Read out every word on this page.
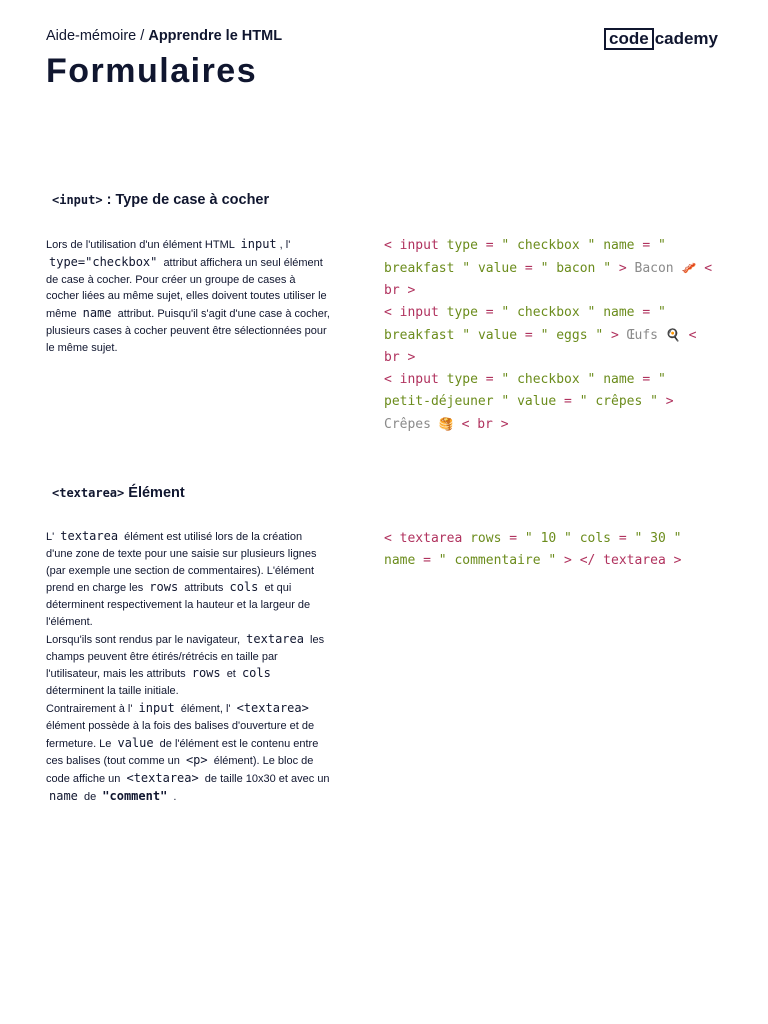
Aide-mémoire / Apprendre le HTML
Formulaires
code cademy
<input> : Type de case à cocher
Lors de l'utilisation d'un élément HTML input , l' type="checkbox" attribut affichera un seul élément de case à cocher. Pour créer un groupe de cases à cocher liées au même sujet, elles doivent toutes utiliser le même name attribut. Puisqu'il s'agit d'une case à cocher, plusieurs cases à cocher peuvent être sélectionnées pour le même sujet.
< input type = " checkbox " name = " breakfast " value = " bacon " > Bacon 🥓 < br >
< input type = " checkbox " name = " breakfast " value = " eggs " > Œufs 🍳 < br >
< input type = " checkbox " name = " petit-déjeuner " value = " crêpes " > Crêpes 🥞 < br >
<textarea> Élément
L' textarea élément est utilisé lors de la création d'une zone de texte pour une saisie sur plusieurs lignes (par exemple une section de commentaires). L'élément prend en charge les rows attributs cols et qui déterminent respectivement la hauteur et la largeur de l'élément.
Lorsqu'ils sont rendus par le navigateur, textarea les champs peuvent être étirés/rétrécis en taille par l'utilisateur, mais les attributs rows et cols déterminent la taille initiale.
Contrairement à l' input élément, l' <textarea> élément possède à la fois des balises d'ouverture et de fermeture. Le value de l'élément est le contenu entre ces balises (tout comme un <p> élément). Le bloc de code affiche un <textarea> de taille 10x30 et avec un name de "comment" .
< textarea rows = " 10 " cols = " 30 " name = " commentaire " > </ textarea >
